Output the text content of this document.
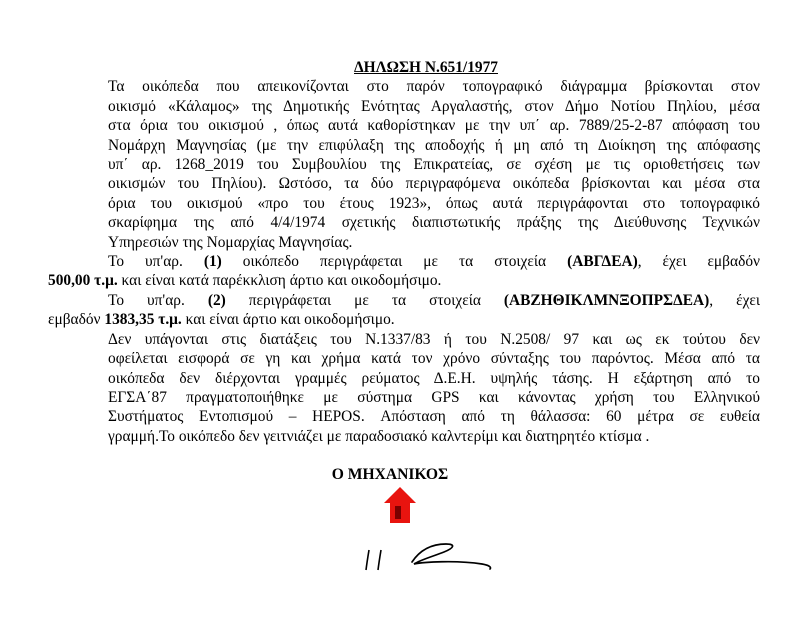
ΔΗΛΩΣΗ Ν.651/1977

Τα οικόπεδα που απεικονίζονται στο παρόν τοπογραφικό διάγραμμα βρίσκονται στον
οικισμό «Κάλαμος» της Δημοτικής Ενότητας Αργαλαστής, στον Δήμο Νοτίου Πηλίου, μέσα
στα όρια του οικισμού , όπως αυτά καθορίστηκαν με την υπ΄ αρ. 7889/25-2-87 απόφαση του
Νομάρχη Μαγνησίας (με την επιφύλαξη της αποδοχής ή μη από τη Διοίκηση της απόφασης
υπ΄ αρ. 1268_2019 του Συμβουλίου της Επικρατείας, σε σχέση με τις οριοθετήσεις των
οικισμών του Πηλίου). Ωστόσο, τα δύο περιγραφόμενα οικόπεδα βρίσκονται και μέσα στα
όρια του οικισμού «προ του έτους 1923», όπως αυτά περιγράφονται στο τοπογραφικό
σκαρίφημα της από 4/4/1974 σχετικής διαπιστωτικής πράξης της Διεύθυνσης Τεχνικών
Υπηρεσιών της Νομαρχίας Μαγνησίας.

Το υπ'αρ. (1) οικόπεδο περιγράφεται με τα στοιχεία (ΑΒΓΔΕΑ), έχει εμβαδόν
500,00 τ.μ. και είναι κατά παρέκκλιση άρτιο και οικοδομήσιμο.

Το υπ'αρ. (2) περιγράφεται με τα στοιχεία (ΑΒΖΗΘΙΚΛΜΝΞΟΠΡΣΔΕΑ), έχει
εμβαδόν 1383,35 τ.μ. και είναι άρτιο και οικοδομήσιμο.

Δεν υπάγονται στις διατάξεις του Ν.1337/83 ή του Ν.2508/ 97 και ως εκ τούτου δεν
οφείλεται εισφορά σε γη και χρήμα κατά τον χρόνο σύνταξης του παρόντος. Μέσα από τα
οικόπεδα δεν διέρχονται γραμμές ρεύματος Δ.Ε.Η. υψηλής τάσης. Η εξάρτηση από το
ΕΓΣΑ΄87 πραγματοποιήθηκε με σύστημα GPS και κάνοντας χρήση του Ελληνικού
Συστήματος Εντοπισμού – HEPOS. Απόσταση από τη θάλασσα: 60 μέτρα σε ευθεία
γραμμή.Το οικόπεδο δεν γειτνιάζει με παραδοσιακό καλντερίμι και διατηρητέο κτίσμα .

Ο ΜΗΧΑΝΙΚΟΣ
